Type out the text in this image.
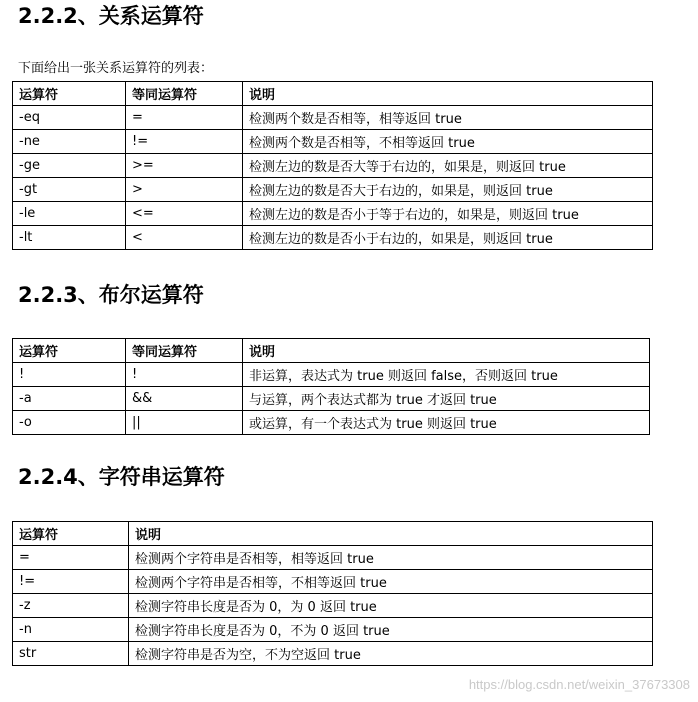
2.2.2、关系运算符

下面给出一张关系运算符的列表：

运算符	等同运算符	说明
-eq	=	检测两个数是否相等，相等返回 true
-ne	!=	检测两个数是否相等，不相等返回 true
-ge	>=	检测左边的数是否大等于右边的，如果是，则返回 true
-gt	>	检测左边的数是否大于右边的，如果是，则返回 true
-le	<=	检测左边的数是否小于等于右边的，如果是，则返回 true
-lt	<	检测左边的数是否小于右边的，如果是，则返回 true
2.2.3、布尔运算符
运算符	等同运算符	说明
!	!	非运算，表达式为 true 则返回 false，否则返回 true
-a	&&	与运算，两个表达式都为 true 才返回 true
-o	||	或运算，有一个表达式为 true 则返回 true
2.2.4、字符串运算符
运算符	说明
=	检测两个字符串是否相等，相等返回 true
!=	检测两个字符串是否相等，不相等返回 true
-z	检测字符串长度是否为 0，为 0 返回 true
-n	检测字符串长度是否为 0，不为 0 返回 true
str	检测字符串是否为空，不为空返回 true
https://blog.csdn.net/weixin_37673308
